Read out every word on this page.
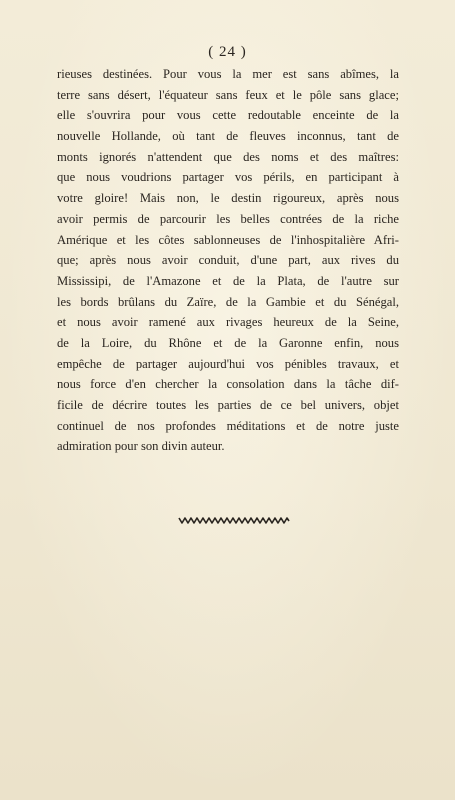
( 24 )
rieuses destinées. Pour vous la mer est sans abîmes, la
terre sans désert, l'équateur sans feux et le pôle sans glace;
elle s'ouvrira pour vous cette redoutable enceinte de la
nouvelle Hollande, où tant de fleuves inconnus, tant de
monts ignorés n'attendent que des noms et des maîtres:
que nous voudrions partager vos périls, en participant à
votre gloire! Mais non, le destin rigoureux, après nous
avoir permis de parcourir les belles contrées de la riche
Amérique et les côtes sablonneuses de l'inhospitalière Afri-
que; après nous avoir conduit, d'une part, aux rives du
Mississipi, de l'Amazone et de la Plata, de l'autre sur
les bords brûlans du Zaïre, de la Gambie et du Sénégal,
et nous avoir ramené aux rivages heureux de la Seine,
de la Loire, du Rhône et de la Garonne enfin, nous
empêche de partager aujourd'hui vos pénibles travaux, et
nous force d'en chercher la consolation dans la tâche dif-
ficile de décrire toutes les parties de ce bel univers, objet
continuel de nos profondes méditations et de notre juste
admiration pour son divin auteur.
